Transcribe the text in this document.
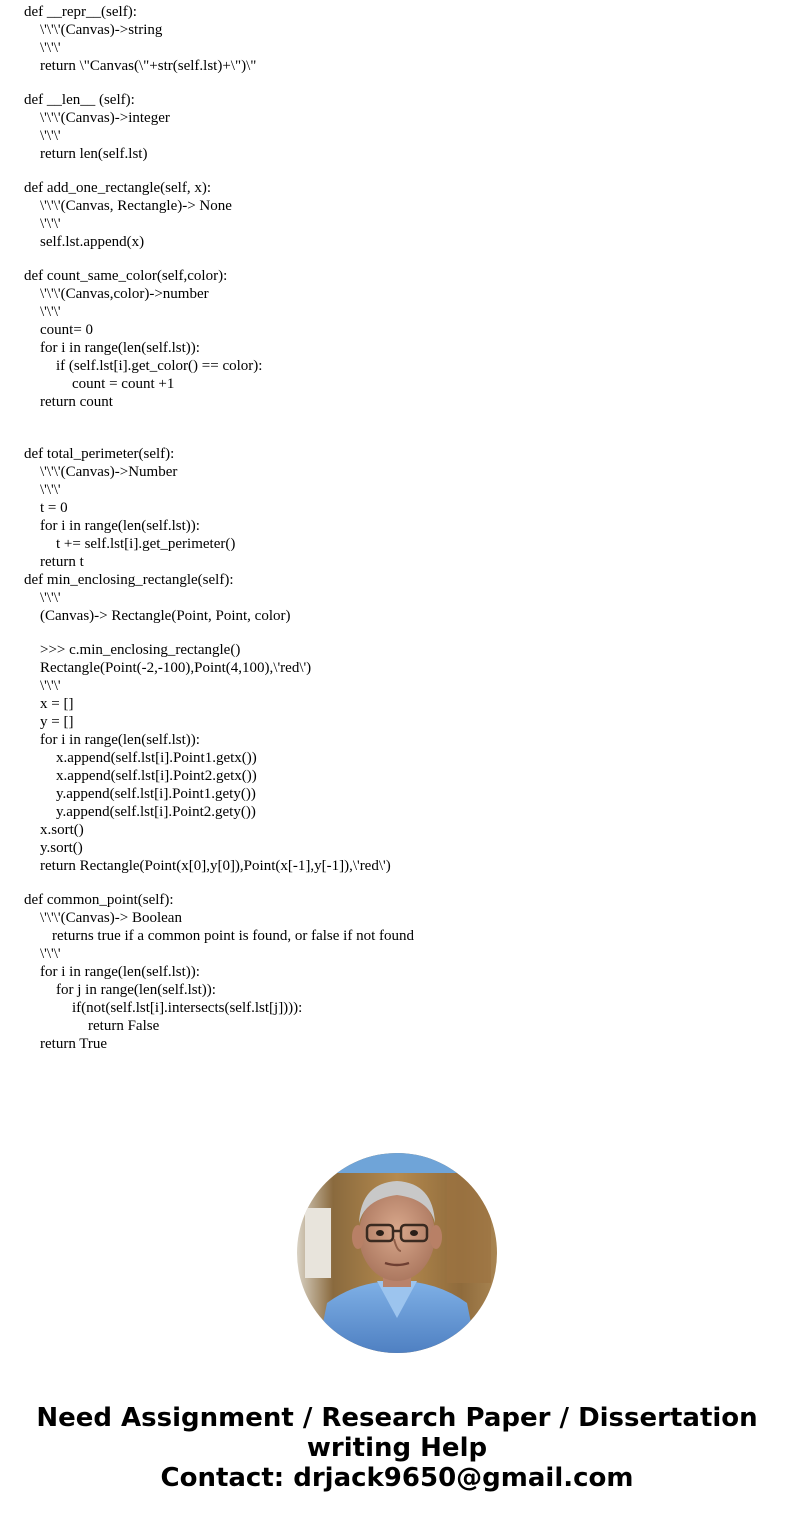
def __repr__(self):
\'\'\'(Canvas)->string
\'\'\'
return \"Canvas(\"+str(self.lst)+\")\"
def __len__ (self):
\'\'\'(Canvas)->integer
\'\'\'
return len(self.lst)
def add_one_rectangle(self, x):
\'\'\'(Canvas, Rectangle)-> None
\'\'\'
self.lst.append(x)
def count_same_color(self,color):
\'\'\'(Canvas,color)->number
\'\'\'
count= 0
for i in range(len(self.lst)):
if (self.lst[i].get_color() == color):
count = count +1
return count
def total_perimeter(self):
\'\'\'(Canvas)->Number
\'\'\'
t = 0
for i in range(len(self.lst)):
t += self.lst[i].get_perimeter()
return t
def min_enclosing_rectangle(self):
\'\'\'
(Canvas)-> Rectangle(Point, Point, color)
>>> c.min_enclosing_rectangle()
Rectangle(Point(-2,-100),Point(4,100),\'red\')
\'\'\'
x = []
y = []
for i in range(len(self.lst)):
x.append(self.lst[i].Point1.getx())
x.append(self.lst[i].Point2.getx())
y.append(self.lst[i].Point1.gety())
y.append(self.lst[i].Point2.gety())
x.sort()
y.sort()
return Rectangle(Point(x[0],y[0]),Point(x[-1],y[-1]),\'red\')
def common_point(self):
\'\'\'(Canvas)-> Boolean
returns true if a common point is found, or false if not found
\'\'\'
for i in range(len(self.lst)):
for j in range(len(self.lst)):
if(not(self.lst[i].intersects(self.lst[j]))):
return False
return True
Need Assignment / Research Paper / Dissertation
writing Help
Contact: drjack9650@gmail.com
